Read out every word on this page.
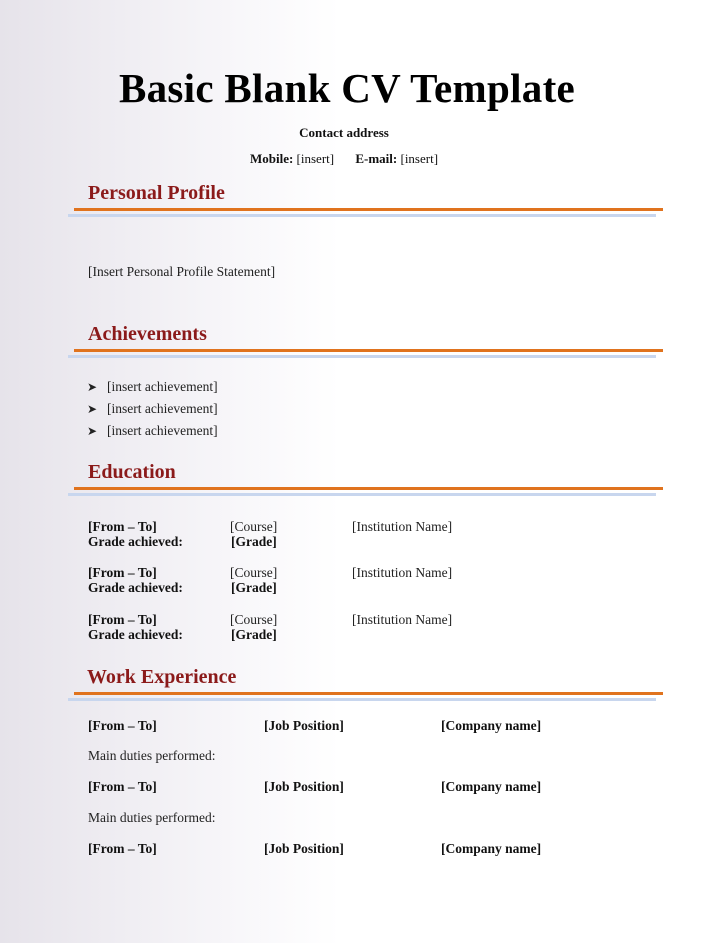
Basic Blank CV Template
Contact address
Mobile: [insert] E-mail: [insert]
Personal Profile
[Insert Personal Profile Statement]
Achievements
➤ [insert achievement]
➤ [insert achievement]
➤ [insert achievement]
Education
[From – To]	[Course]	[Institution Name]
Grade achieved:	[Grade]
[From – To]	[Course]	[Institution Name]
Grade achieved:	[Grade]
[From – To]	[Course]	[Institution Name]
Grade achieved:	[Grade]
Work Experience
[From – To]	[Job Position]	[Company name]
Main duties performed:
[From – To]	[Job Position]	[Company name]
Main duties performed:
[From – To]	[Job Position]	[Company name]
